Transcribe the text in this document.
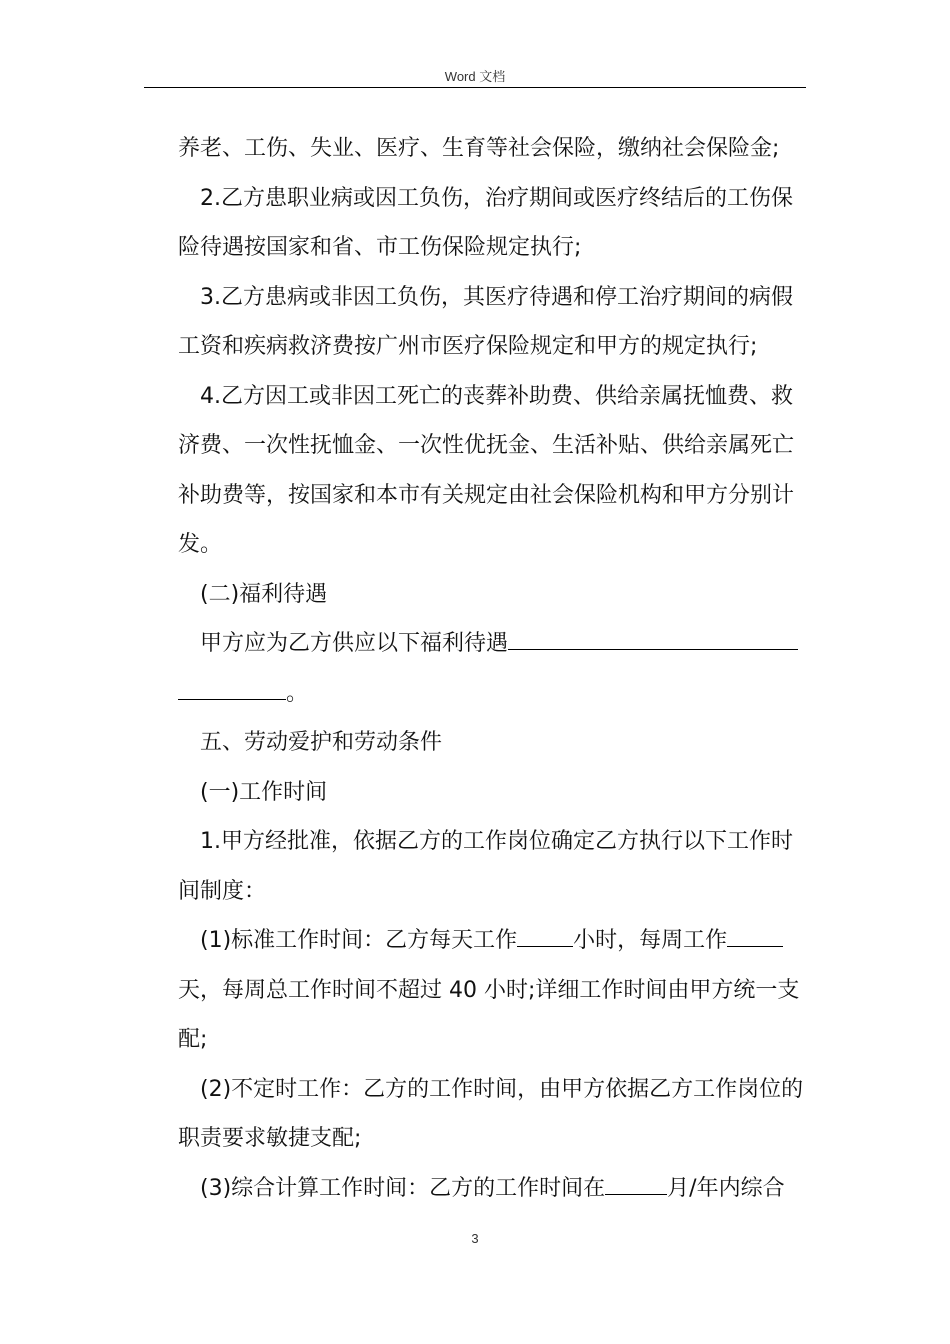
Word 文档
养老、工伤、失业、医疗、生育等社会保险，缴纳社会保险金;
2.乙方患职业病或因工负伤，治疗期间或医疗终结后的工伤保
险待遇按国家和省、市工伤保险规定执行;
3.乙方患病或非因工负伤，其医疗待遇和停工治疗期间的病假
工资和疾病救济费按广州市医疗保险规定和甲方的规定执行;
4.乙方因工或非因工死亡的丧葬补助费、供给亲属抚恤费、救
济费、一次性抚恤金、一次性优抚金、生活补贴、供给亲属死亡
补助费等，按国家和本市有关规定由社会保险机构和甲方分别计
发。
(二)福利待遇
甲方应为乙方供应以下福利待遇
。
五、劳动爱护和劳动条件
(一)工作时间
1.甲方经批准，依据乙方的工作岗位确定乙方执行以下工作时
间制度：
(1)标准工作时间：乙方每天工作	小时，每周工作
天，每周总工作时间不超过 40 小时;详细工作时间由甲方统一支
配;
(2)不定时工作：乙方的工作时间，由甲方依据乙方工作岗位的
职责要求敏捷支配;
(3)综合计算工作时间：乙方的工作时间在	月/年内综合
3
